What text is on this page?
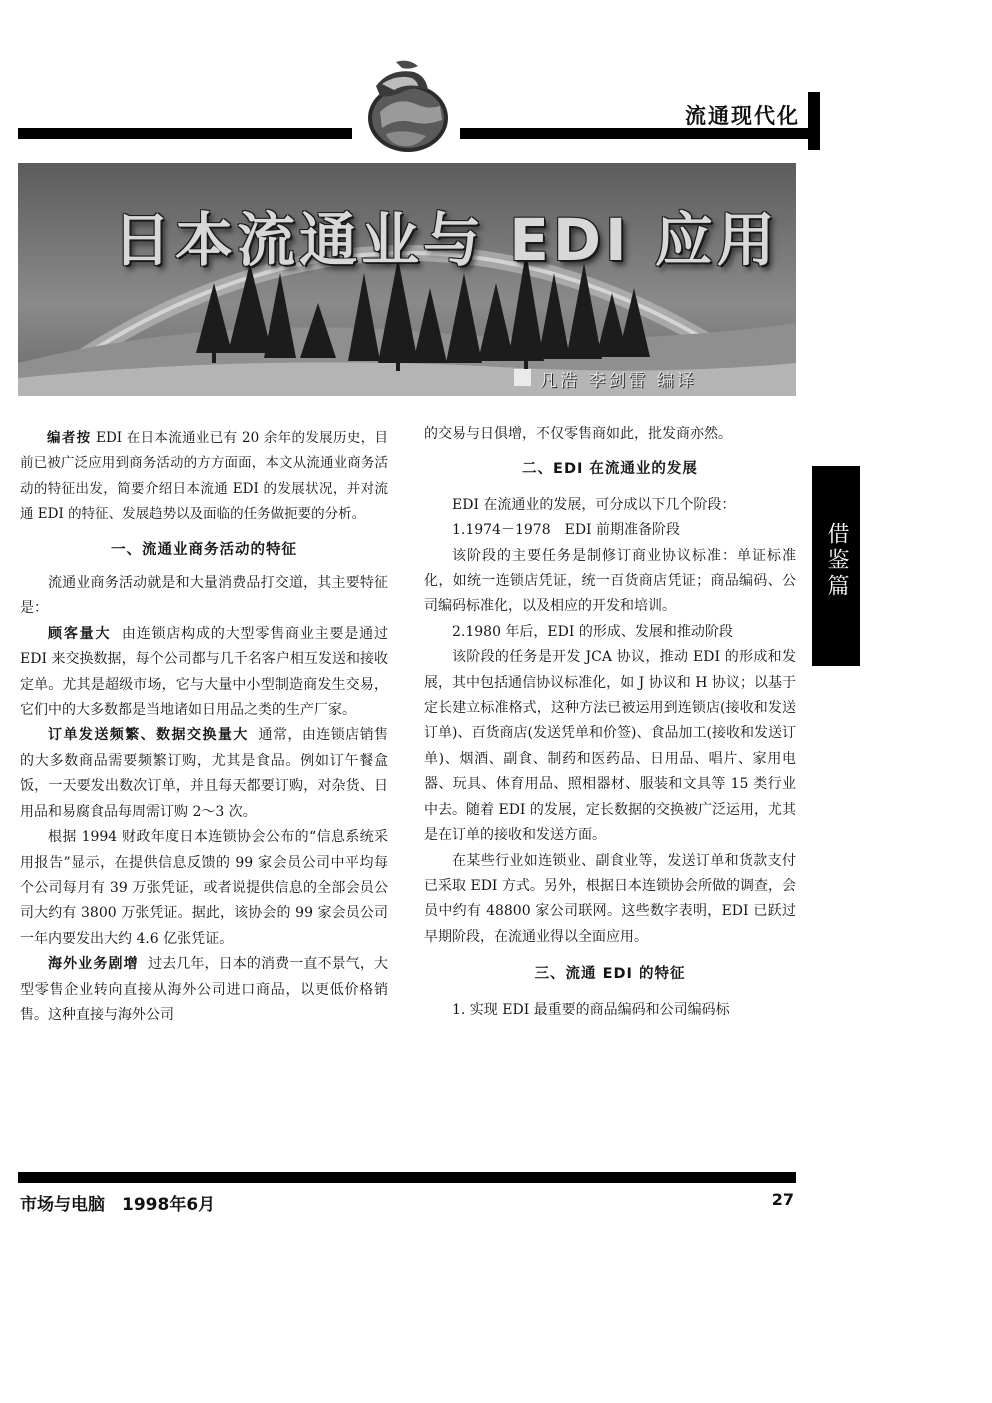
流通现代化
日本流通业与 EDI 应用
凡浩 李剑雷 编译
借鉴篇

编者按 EDI 在日本流通业已有 20 余年的发展历史，目前已被广泛应用到商务活动的方方面面，本文从流通业商务活动的特征出发，简要介绍日本流通 EDI 的发展状况，并对流通 EDI 的特征、发展趋势以及面临的任务做扼要的分析。

一、流通业商务活动的特征

流通业商务活动就是和大量消费品打交道，其主要特征是：

顾客量大 由连锁店构成的大型零售商业主要是通过 EDI 来交换数据，每个公司都与几千名客户相互发送和接收定单。尤其是超级市场，它与大量中小型制造商发生交易，它们中的大多数都是当地诸如日用品之类的生产厂家。

订单发送频繁、数据交换量大 通常，由连锁店销售的大多数商品需要频繁订购，尤其是食品。例如订午餐盒饭，一天要发出数次订单，并且每天都要订购，对杂货、日用品和易腐食品每周需订购 2～3 次。

根据 1994 财政年度日本连锁协会公布的“信息系统采用报告”显示，在提供信息反馈的 99 家会员公司中平均每个公司每月有 39 万张凭证，或者说提供信息的全部会员公司大约有 3800 万张凭证。据此，该协会的 99 家会员公司一年内要发出大约 4.6 亿张凭证。

海外业务剧增 过去几年，日本的消费一直不景气，大型零售企业转向直接从海外公司进口商品，以更低价格销售。这种直接与海外公司

的交易与日俱增，不仅零售商如此，批发商亦然。

二、EDI 在流通业的发展

EDI 在流通业的发展，可分成以下几个阶段：

1.1974－1978　EDI 前期准备阶段

该阶段的主要任务是制修订商业协议标准：单证标准化，如统一连锁店凭证，统一百货商店凭证；商品编码、公司编码标准化，以及相应的开发和培训。

2.1980 年后，EDI 的形成、发展和推动阶段

该阶段的任务是开发 JCA 协议，推动 EDI 的形成和发展，其中包括通信协议标准化，如 J 协议和 H 协议；以基于定长建立标准格式，这种方法已被运用到连锁店(接收和发送订单)、百货商店(发送凭单和价签)、食品加工(接收和发送订单)、烟酒、副食、制药和医药品、日用品、唱片、家用电器、玩具、体育用品、照相器材、服装和文具等 15 类行业中去。随着 EDI 的发展，定长数据的交换被广泛运用，尤其是在订单的接收和发送方面。

在某些行业如连锁业、副食业等，发送订单和货款支付已采取 EDI 方式。另外，根据日本连锁协会所做的调查，会员中约有 48800 家公司联网。这些数字表明，EDI 已跃过早期阶段，在流通业得以全面应用。

三、流通 EDI 的特征

1. 实现 EDI 最重要的商品编码和公司编码标

市场与电脑　1998年6月	27
